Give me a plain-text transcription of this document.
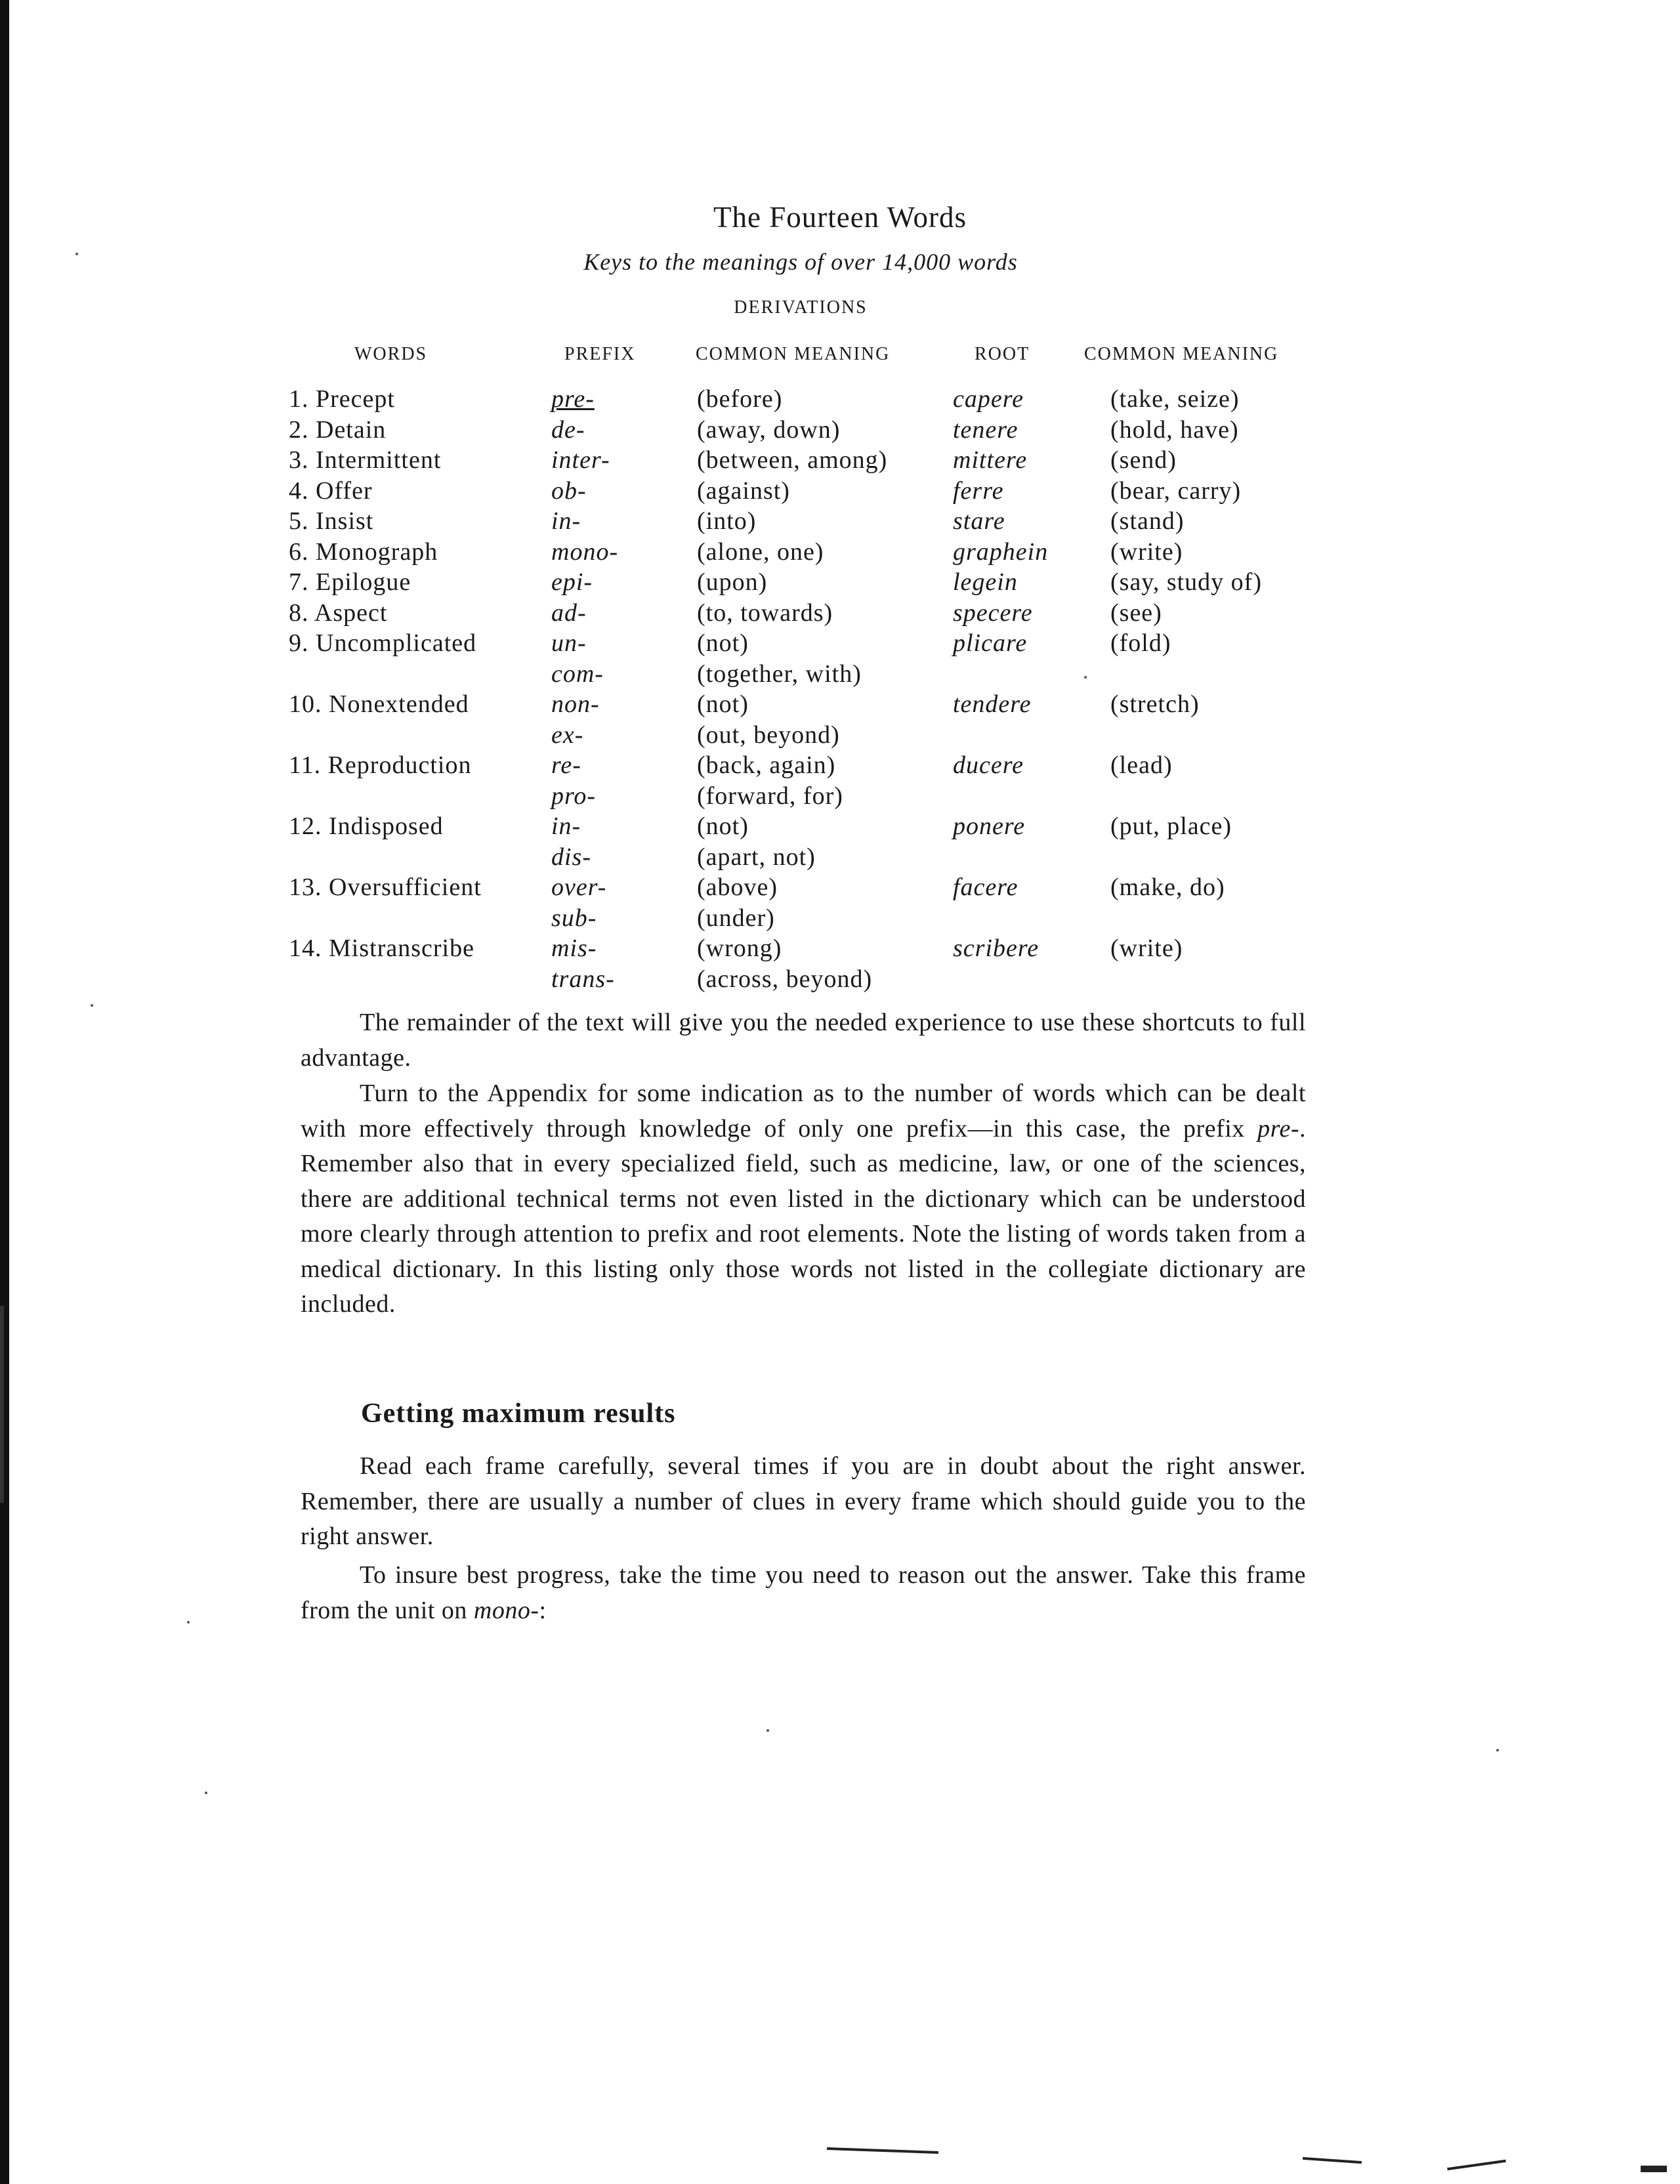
The Fourteen Words
Keys to the meanings of over 14,000 words
DERIVATIONS
WORDS	PREFIX	COMMON MEANING	ROOT	COMMON MEANING
1. Precept	pre-	(before)	capere	(take, seize)
2. Detain	de-	(away, down)	tenere	(hold, have)
3. Intermittent	inter-	(between, among)	mittere	(send)
4. Offer	ob-	(against)	ferre	(bear, carry)
5. Insist	in-	(into)	stare	(stand)
6. Monograph	mono-	(alone, one)	graphein	(write)
7. Epilogue	epi-	(upon)	legein	(say, study of)
8. Aspect	ad-	(to, towards)	specere	(see)
9. Uncomplicated	un-	(not)	plicare	(fold)
	com-	(together, with)		
10. Nonextended	non-	(not)	tendere	(stretch)
	ex-	(out, beyond)		
11. Reproduction	re-	(back, again)	ducere	(lead)
	pro-	(forward, for)		
12. Indisposed	in-	(not)	ponere	(put, place)
	dis-	(apart, not)		
13. Oversufficient	over-	(above)	facere	(make, do)
	sub-	(under)		
14. Mistranscribe	mis-	(wrong)	scribere	(write)
	trans-	(across, beyond)		

The remainder of the text will give you the needed experience to use these shortcuts to full advantage.

Turn to the Appendix for some indication as to the number of words which can be dealt with more effectively through knowledge of only one prefix—in this case, the prefix pre-. Remember also that in every specialized field, such as medicine, law, or one of the sciences, there are additional technical terms not even listed in the dictionary which can be understood more clearly through attention to prefix and root elements. Note the listing of words taken from a medical dictionary. In this listing only those words not listed in the collegiate dictionary are included.

Getting maximum results

Read each frame carefully, several times if you are in doubt about the right answer. Remember, there are usually a number of clues in every frame which should guide you to the right answer.

To insure best progress, take the time you need to reason out the answer. Take this frame from the unit on mono-:
